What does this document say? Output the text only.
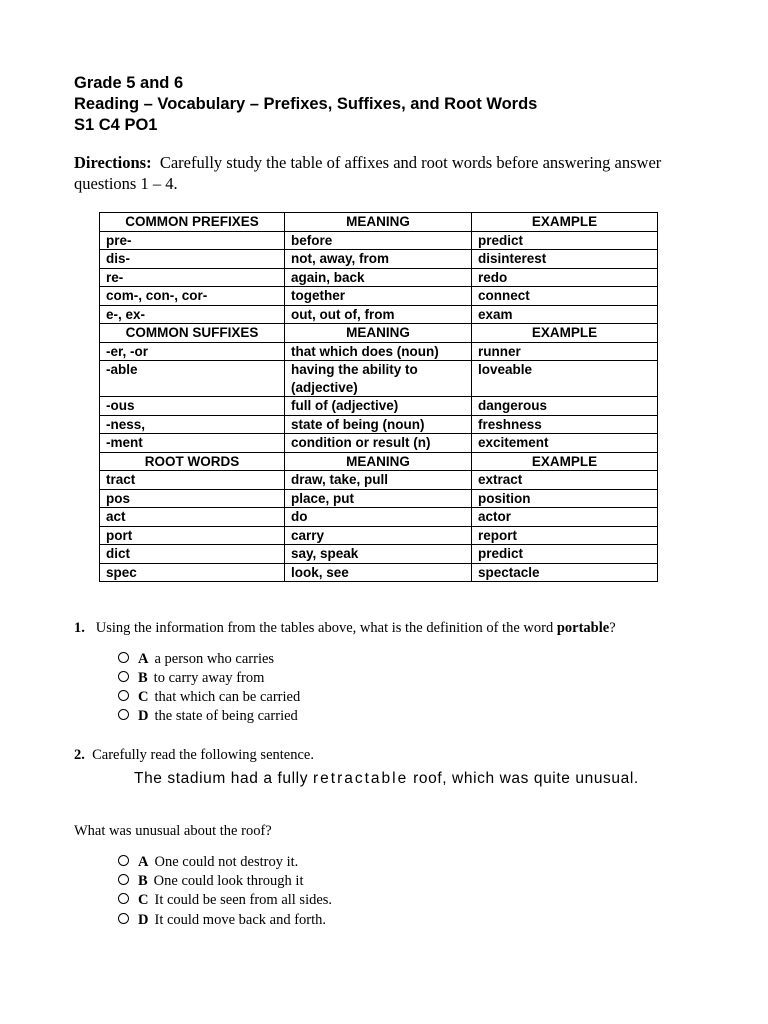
Grade 5 and 6
Reading – Vocabulary – Prefixes, Suffixes, and Root Words
S1 C4 PO1
Directions: Carefully study the table of affixes and root words before answering answer questions 1 – 4.
COMMON PREFIXES	MEANING	EXAMPLE
pre-	before	predict
dis-	not, away, from	disinterest
re-	again, back	redo
com-, con-, cor-	together	connect
e-, ex-	out, out of, from	exam
COMMON SUFFIXES	MEANING	EXAMPLE
-er, -or	that which does (noun)	runner
-able	having the ability to (adjective)	loveable
-ous	full of (adjective)	dangerous
-ness,	state of being (noun)	freshness
-ment	condition or result (n)	excitement
ROOT WORDS	MEANING	EXAMPLE
tract	draw, take, pull	extract
pos	place, put	position
act	do	actor
port	carry	report
dict	say, speak	predict
spec	look, see	spectacle
1. Using the information from the tables above, what is the definition of the word portable?
A a person who carries
B to carry away from
C that which can be carried
D the state of being carried
2. Carefully read the following sentence.
The stadium had a fully retractable roof, which was quite unusual.
What was unusual about the roof?
A One could not destroy it.
B One could look through it
C It could be seen from all sides.
D It could move back and forth.
